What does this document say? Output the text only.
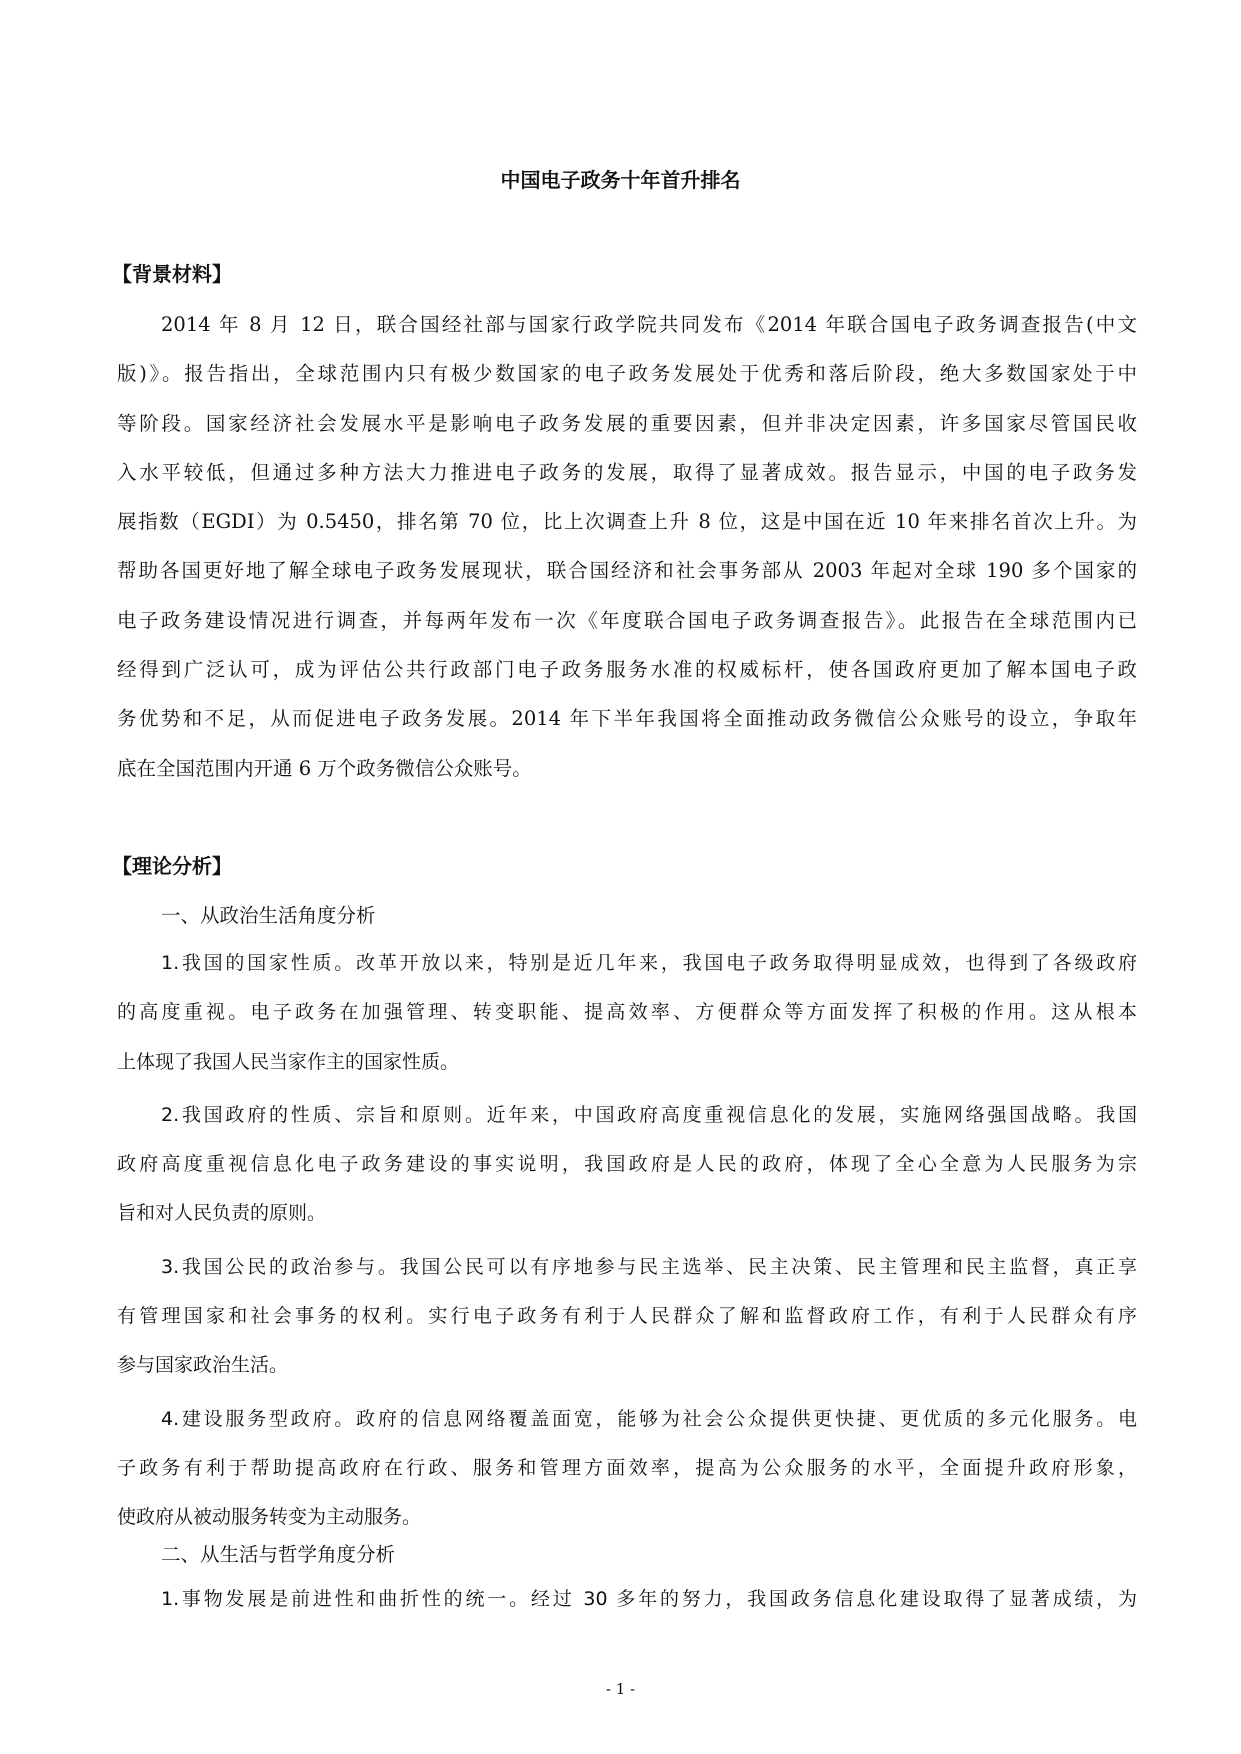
中国电子政务十年首升排名
【背景材料】
2014 年 8 月 12 日，联合国经社部与国家行政学院共同发布《2014 年联合国电子政务调查报告(中文
版)》。报告指出，全球范围内只有极少数国家的电子政务发展处于优秀和落后阶段，绝大多数国家处于中
等阶段。国家经济社会发展水平是影响电子政务发展的重要因素，但并非决定因素，许多国家尽管国民收
入水平较低，但通过多种方法大力推进电子政务的发展，取得了显著成效。报告显示，中国的电子政务发
展指数（EGDI）为 0.5450，排名第 70 位，比上次调查上升 8 位，这是中国在近 10 年来排名首次上升。为
帮助各国更好地了解全球电子政务发展现状，联合国经济和社会事务部从 2003 年起对全球 190 多个国家的
电子政务建设情况进行调查，并每两年发布一次《年度联合国电子政务调查报告》。此报告在全球范围内已
经得到广泛认可，成为评估公共行政部门电子政务服务水准的权威标杆，使各国政府更加了解本国电子政
务优势和不足，从而促进电子政务发展。2014 年下半年我国将全面推动政务微信公众账号的设立，争取年
底在全国范围内开通 6 万个政务微信公众账号。
【理论分析】
一、从政治生活角度分析
1.我国的国家性质。改革开放以来，特别是近几年来，我国电子政务取得明显成效，也得到了各级政府
的高度重视。电子政务在加强管理、转变职能、提高效率、方便群众等方面发挥了积极的作用。这从根本
上体现了我国人民当家作主的国家性质。
2.我国政府的性质、宗旨和原则。近年来，中国政府高度重视信息化的发展，实施网络强国战略。我国
政府高度重视信息化电子政务建设的事实说明，我国政府是人民的政府，体现了全心全意为人民服务为宗
旨和对人民负责的原则。
3.我国公民的政治参与。我国公民可以有序地参与民主选举、民主决策、民主管理和民主监督，真正享
有管理国家和社会事务的权利。实行电子政务有利于人民群众了解和监督政府工作，有利于人民群众有序
参与国家政治生活。
4.建设服务型政府。政府的信息网络覆盖面宽，能够为社会公众提供更快捷、更优质的多元化服务。电
子政务有利于帮助提高政府在行政、服务和管理方面效率，提高为公众服务的水平，全面提升政府形象，
使政府从被动服务转变为主动服务。
二、从生活与哲学角度分析
1.事物发展是前进性和曲折性的统一。经过 30 多年的努力，我国政务信息化建设取得了显著成绩，为
- 1 -
